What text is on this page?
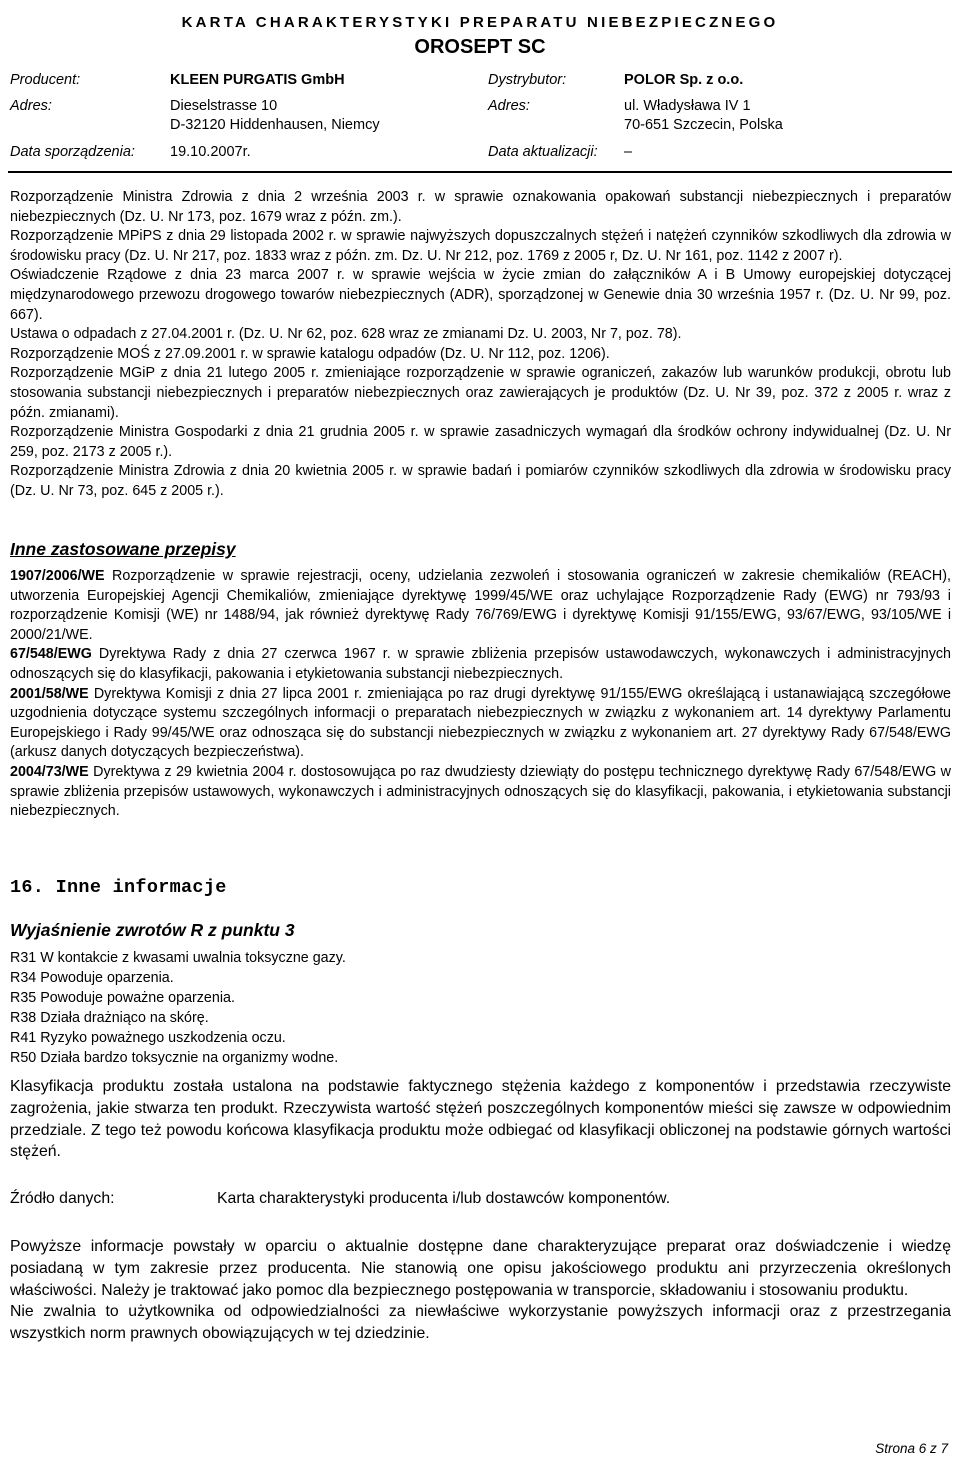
KARTA CHARAKTERYSTYKI PREPARATU NIEBEZPIECZNEGO
OROSEPT SC
Producent:	KLEEN PURGATIS GmbH	Dystrybutor:	POLOR Sp. z o.o.
Adres:	Dieselstrasse 10	Adres:	ul. Władysława IV 1
D-32120 Hiddenhausen, Niemcy	70-651 Szczecin, Polska
Data sporządzenia: 19.10.2007r.	Data aktualizacji: –

Rozporządzenie Ministra Zdrowia z dnia 2 września 2003 r. w sprawie oznakowania opakowań substancji niebezpiecznych i preparatów niebezpiecznych (Dz. U. Nr 173, poz. 1679 wraz z późn. zm.).

Rozporządzenie MPiPS z dnia 29 listopada 2002 r. w sprawie najwyższych dopuszczalnych stężeń i natężeń czynników szkodliwych dla zdrowia w środowisku pracy (Dz. U. Nr 217, poz. 1833 wraz z późn. zm. Dz. U. Nr 212, poz. 1769 z 2005 r, Dz. U. Nr 161, poz. 1142 z 2007 r).

Oświadczenie Rządowe z dnia 23 marca 2007 r. w sprawie wejścia w życie zmian do załączników A i B Umowy europejskiej dotyczącej międzynarodowego przewozu drogowego towarów niebezpiecznych (ADR), sporządzonej w Genewie dnia 30 września 1957 r. (Dz. U. Nr 99, poz. 667).

Ustawa o odpadach z 27.04.2001 r. (Dz. U. Nr 62, poz. 628 wraz ze zmianami Dz. U. 2003, Nr 7, poz. 78).

Rozporządzenie MOŚ z 27.09.2001 r. w sprawie katalogu odpadów (Dz. U. Nr 112, poz. 1206).

Rozporządzenie MGiP z dnia 21 lutego 2005 r. zmieniające rozporządzenie w sprawie ograniczeń, zakazów lub warunków produkcji, obrotu lub stosowania substancji niebezpiecznych i preparatów niebezpiecznych oraz zawierających je produktów (Dz. U. Nr 39, poz. 372 z 2005 r. wraz z późn. zmianami).

Rozporządzenie Ministra Gospodarki z dnia 21 grudnia 2005 r. w sprawie zasadniczych wymagań dla środków ochrony indywidualnej (Dz. U. Nr 259, poz. 2173 z 2005 r.).

Rozporządzenie Ministra Zdrowia z dnia 20 kwietnia 2005 r. w sprawie badań i pomiarów czynników szkodliwych dla zdrowia w środowisku pracy (Dz. U. Nr 73, poz. 645 z 2005 r.).

Inne zastosowane przepisy

1907/2006/WE Rozporządzenie w sprawie rejestracji, oceny, udzielania zezwoleń i stosowania ograniczeń w zakresie chemikaliów (REACH), utworzenia Europejskiej Agencji Chemikaliów, zmieniające dyrektywę 1999/45/WE oraz uchylające Rozporządzenie Rady (EWG) nr 793/93 i rozporządzenie Komisji (WE) nr 1488/94, jak również dyrektywę Rady 76/769/EWG i dyrektywę Komisji 91/155/EWG, 93/67/EWG, 93/105/WE i 2000/21/WE.

67/548/EWG Dyrektywa Rady z dnia 27 czerwca 1967 r. w sprawie zbliżenia przepisów ustawodawczych, wykonawczych i administracyjnych odnoszących się do klasyfikacji, pakowania i etykietowania substancji niebezpiecznych.

2001/58/WE Dyrektywa Komisji z dnia 27 lipca 2001 r. zmieniająca po raz drugi dyrektywę 91/155/EWG określającą i ustanawiającą szczegółowe uzgodnienia dotyczące systemu szczególnych informacji o preparatach niebezpiecznych w związku z wykonaniem art. 14 dyrektywy Parlamentu Europejskiego i Rady 99/45/WE oraz odnosząca się do substancji niebezpiecznych w związku z wykonaniem art. 27 dyrektywy Rady 67/548/EWG (arkusz danych dotyczących bezpieczeństwa).

2004/73/WE Dyrektywa z 29 kwietnia 2004 r. dostosowująca po raz dwudziesty dziewiąty do postępu technicznego dyrektywę Rady 67/548/EWG w sprawie zbliżenia przepisów ustawowych, wykonawczych i administracyjnych odnoszących się do klasyfikacji, pakowania, i etykietowania substancji niebezpiecznych.

16. Inne informacje
Wyjaśnienie zwrotów R z punktu 3
R31 W kontakcie z kwasami uwalnia toksyczne gazy.
R34 Powoduje oparzenia.
R35 Powoduje poważne oparzenia.
R38 Działa drażniąco na skórę.
R41 Ryzyko poważnego uszkodzenia oczu.
R50 Działa bardzo toksycznie na organizmy wodne.

Klasyfikacja produktu została ustalona na podstawie faktycznego stężenia każdego z komponentów i przedstawia rzeczywiste zagrożenia, jakie stwarza ten produkt. Rzeczywista wartość stężeń poszczególnych komponentów mieści się zawsze w odpowiednim przedziale. Z tego też powodu końcowa klasyfikacja produktu może odbiegać od klasyfikacji obliczonej na podstawie górnych wartości stężeń.

Źródło danych:	Karta charakterystyki producenta i/lub dostawców komponentów.

Powyższe informacje powstały w oparciu o aktualnie dostępne dane charakteryzujące preparat oraz doświadczenie i wiedzę posiadaną w tym zakresie przez producenta. Nie stanowią one opisu jakościowego produktu ani przyrzeczenia określonych właściwości. Należy je traktować jako pomoc dla bezpiecznego postępowania w transporcie, składowaniu i stosowaniu produktu.

Nie zwalnia to użytkownika od odpowiedzialności za niewłaściwe wykorzystanie powyższych informacji oraz z przestrzegania wszystkich norm prawnych obowiązujących w tej dziedzinie.

Strona 6 z 7
